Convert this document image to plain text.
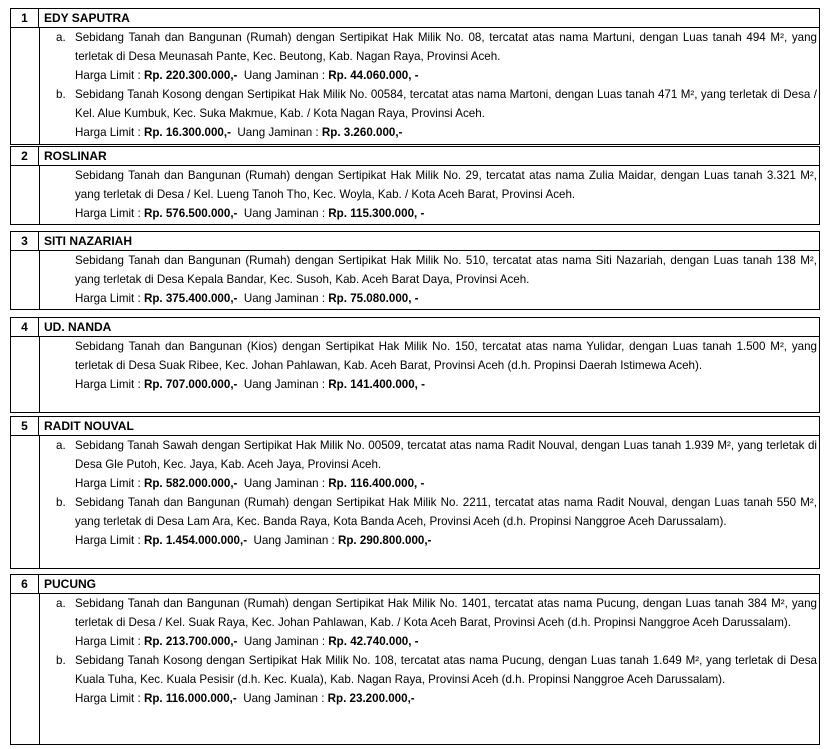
1	EDY SAPUTRA
a. Sebidang Tanah dan Bangunan (Rumah) dengan Sertipikat Hak Milik No. 08, tercatat atas nama Martuni, dengan Luas tanah 494 M², yang terletak di Desa Meunasah Pante, Kec. Beutong, Kab. Nagan Raya, Provinsi Aceh.
Harga Limit : Rp. 220.300.000,- Uang Jaminan : Rp. 44.060.000, -
b. Sebidang Tanah Kosong dengan Sertipikat Hak Milik No. 00584, tercatat atas nama Martoni, dengan Luas tanah 471 M², yang terletak di Desa / Kel. Alue Kumbuk, Kec. Suka Makmue, Kab. / Kota Nagan Raya, Provinsi Aceh.
Harga Limit : Rp. 16.300.000,- Uang Jaminan : Rp. 3.260.000,-
2	ROSLINAR
Sebidang Tanah dan Bangunan (Rumah) dengan Sertipikat Hak Milik No. 29, tercatat atas nama Zulia Maidar, dengan Luas tanah 3.321 M², yang terletak di Desa / Kel. Lueng Tanoh Tho, Kec. Woyla, Kab. / Kota Aceh Barat, Provinsi Aceh.
Harga Limit : Rp. 576.500.000,- Uang Jaminan : Rp. 115.300.000, -
3	SITI NAZARIAH
Sebidang Tanah dan Bangunan (Rumah) dengan Sertipikat Hak Milik No. 510, tercatat atas nama Siti Nazariah, dengan Luas tanah 138 M², yang terletak di Desa Kepala Bandar, Kec. Susoh, Kab. Aceh Barat Daya, Provinsi Aceh.
Harga Limit : Rp. 375.400.000,- Uang Jaminan : Rp. 75.080.000, -
4	UD. NANDA
Sebidang Tanah dan Bangunan (Kios) dengan Sertipikat Hak Milik No. 150, tercatat atas nama Yulidar, dengan Luas tanah 1.500 M², yang terletak di Desa Suak Ribee, Kec. Johan Pahlawan, Kab. Aceh Barat, Provinsi Aceh (d.h. Propinsi Daerah Istimewa Aceh).
Harga Limit : Rp. 707.000.000,- Uang Jaminan : Rp. 141.400.000, -
5	RADIT NOUVAL
a. Sebidang Tanah Sawah dengan Sertipikat Hak Milik No. 00509, tercatat atas nama Radit Nouval, dengan Luas tanah 1.939 M², yang terletak di Desa Gle Putoh, Kec. Jaya, Kab. Aceh Jaya, Provinsi Aceh.
Harga Limit : Rp. 582.000.000,- Uang Jaminan : Rp. 116.400.000, -
b. Sebidang Tanah dan Bangunan (Rumah) dengan Sertipikat Hak Milik No. 2211, tercatat atas nama Radit Nouval, dengan Luas tanah 550 M², yang terletak di Desa Lam Ara, Kec. Banda Raya, Kota Banda Aceh, Provinsi Aceh (d.h. Propinsi Nanggroe Aceh Darussalam).
Harga Limit : Rp. 1.454.000.000,- Uang Jaminan : Rp. 290.800.000,-
6	PUCUNG
a. Sebidang Tanah dan Bangunan (Rumah) dengan Sertipikat Hak Milik No. 1401, tercatat atas nama Pucung, dengan Luas tanah 384 M², yang terletak di Desa / Kel. Suak Raya, Kec. Johan Pahlawan, Kab. / Kota Aceh Barat, Provinsi Aceh (d.h. Propinsi Nanggroe Aceh Darussalam).
Harga Limit : Rp. 213.700.000,- Uang Jaminan : Rp. 42.740.000, -
b. Sebidang Tanah Kosong dengan Sertipikat Hak Milik No. 108, tercatat atas nama Pucung, dengan Luas tanah 1.649 M², yang terletak di Desa Kuala Tuha, Kec. Kuala Pesisir (d.h. Kec. Kuala), Kab. Nagan Raya, Provinsi Aceh (d.h. Propinsi Nanggroe Aceh Darussalam).
Harga Limit : Rp. 116.000.000,- Uang Jaminan : Rp. 23.200.000,-
